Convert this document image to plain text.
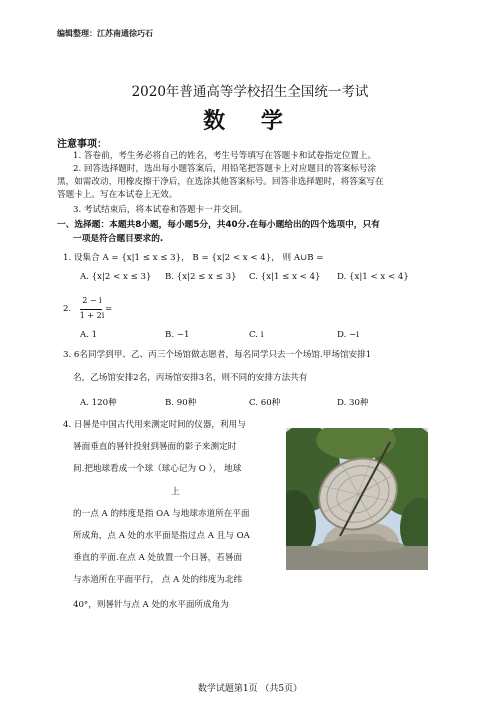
编辑整理：江苏南通徐巧石
2020年普通高等学校招生全国统一考试
数 学
注意事项：
1. 答卷前，考生务必将自己的姓名，考生号等填写在答题卡和试卷指定位置上。
2. 回答选择题时，选出每小题答案后，用铅笔把答题卡上对应题目的答案标号涂
黑，如需改动，用橡皮擦干净后，在选涂其他答案标号。回答非选择题时，将答案写在
答题卡上。写在本试卷上无效。
3. 考试结束后，将本试卷和答题卡一并交回。
一、选择题：本题共8小题，每小题5分，共40分.在每小题给出的四个选项中，只有
一项是符合题目要求的.
1. 设集合 A = {x|1 ≤ x ≤ 3}， B = {x|2 < x < 4}， 则 A∪B =
A. {x|2 < x ≤ 3} B. {x|2 ≤ x ≤ 3} C. {x|1 ≤ x < 4} D. {x|1 < x < 4}
2.
2 − i
1 + 2i
=
A. 1	B. −1	C. i	D. −i
3. 6名同学到甲、乙、丙三个场馆做志愿者，每名同学只去一个场馆.甲场馆安排1
名，乙场馆安排2名，丙场馆安排3名，则不同的安排方法共有
A. 120种	B. 90种	C. 60种	D. 30种
4. 日晷是中国古代用来测定时间的仪器，利用与
晷面垂直的晷针投射到晷面的影子来测定时
间.把地球看成一个球（球心记为 O ）， 地球
上
的一点 A 的纬度是指 OA 与地球赤道所在平面
所成角，点 A 处的水平面是指过点 A 且与 OA
垂直的平面.在点 A 处放置一个日晷，若晷面
与赤道所在平面平行， 点 A 处的纬度为北纬
40°，则晷针与点 A 处的水平面所成角为
数学试题第1页 （共5页）
